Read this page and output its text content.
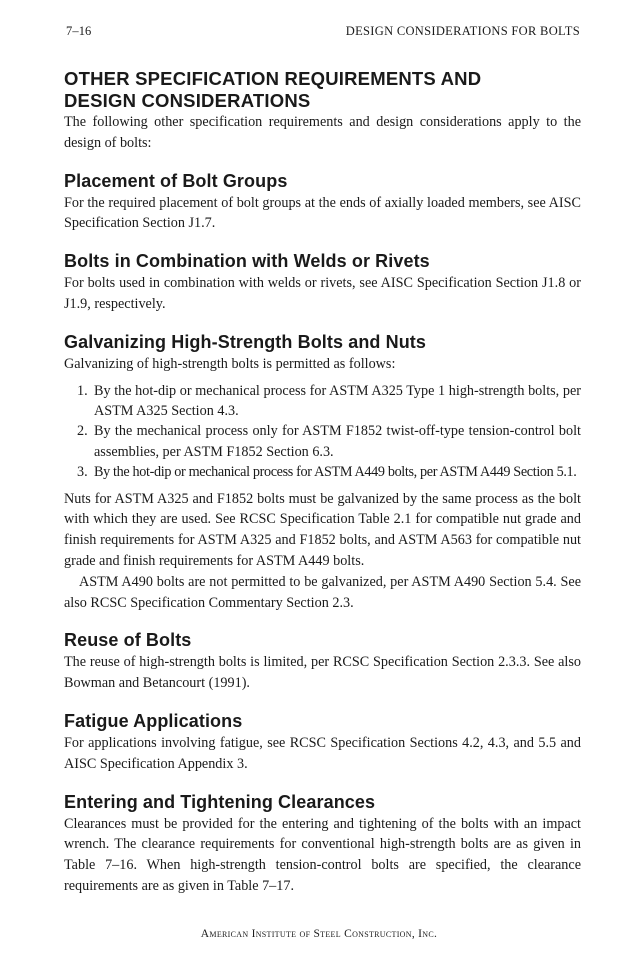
7–16	DESIGN CONSIDERATIONS FOR BOLTS
OTHER SPECIFICATION REQUIREMENTS AND DESIGN CONSIDERATIONS

The following other specification requirements and design considerations apply to the design of bolts:

Placement of Bolt Groups

For the required placement of bolt groups at the ends of axially loaded members, see AISC Specification Section J1.7.

Bolts in Combination with Welds or Rivets

For bolts used in combination with welds or rivets, see AISC Specification Section J1.8 or J1.9, respectively.

Galvanizing High-Strength Bolts and Nuts

Galvanizing of high-strength bolts is permitted as follows:

1. By the hot-dip or mechanical process for ASTM A325 Type 1 high-strength bolts, per ASTM A325 Section 4.3.
2. By the mechanical process only for ASTM F1852 twist-off-type tension-control bolt assemblies, per ASTM F1852 Section 6.3.
3. By the hot-dip or mechanical process for ASTM A449 bolts, per ASTM A449 Section 5.1.

Nuts for ASTM A325 and F1852 bolts must be galvanized by the same process as the bolt with which they are used. See RCSC Specification Table 2.1 for compatible nut grade and finish requirements for ASTM A325 and F1852 bolts, and ASTM A563 for compatible nut grade and finish requirements for ASTM A449 bolts.

ASTM A490 bolts are not permitted to be galvanized, per ASTM A490 Section 5.4. See also RCSC Specification Commentary Section 2.3.

Reuse of Bolts

The reuse of high-strength bolts is limited, per RCSC Specification Section 2.3.3. See also Bowman and Betancourt (1991).

Fatigue Applications

For applications involving fatigue, see RCSC Specification Sections 4.2, 4.3, and 5.5 and AISC Specification Appendix 3.

Entering and Tightening Clearances

Clearances must be provided for the entering and tightening of the bolts with an impact wrench. The clearance requirements for conventional high-strength bolts are as given in Table 7–16. When high-strength tension-control bolts are specified, the clearance requirements are as given in Table 7–17.

American Institute of Steel Construction, Inc.
